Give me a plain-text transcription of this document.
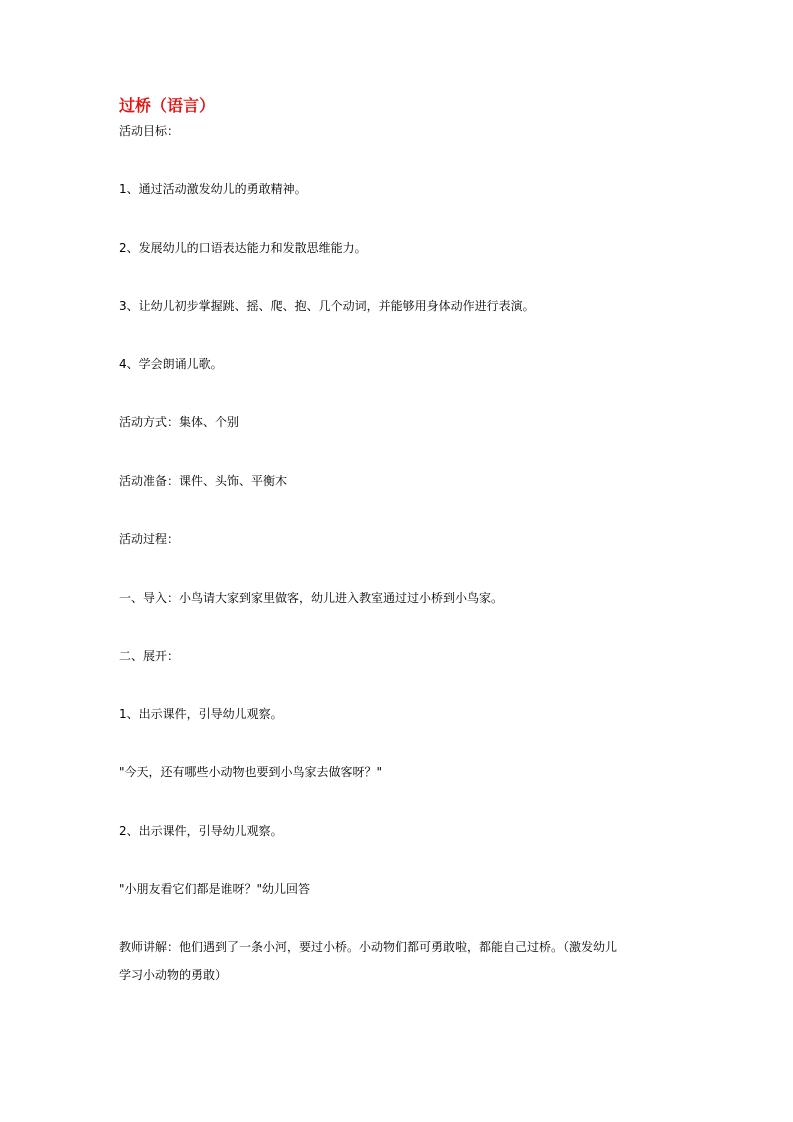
过桥（语言）
活动目标：
1、通过活动激发幼儿的勇敢精神。
2、发展幼儿的口语表达能力和发散思维能力。
3、让幼儿初步掌握跳、摇、爬、抱、几个动词，并能够用身体动作进行表演。
4、学会朗诵儿歌。
活动方式：集体、个别
活动准备：课件、头饰、平衡木
活动过程：
一、导入：小鸟请大家到家里做客，幼儿进入教室通过过小桥到小鸟家。
二、展开：
1、出示课件，引导幼儿观察。
"今天，还有哪些小动物也要到小鸟家去做客呀？"
2、出示课件，引导幼儿观察。
"小朋友看它们都是谁呀？"幼儿回答
教师讲解：他们遇到了一条小河，要过小桥。小动物们都可勇敢啦，都能自己过桥。（激发幼儿
学习小动物的勇敢）
